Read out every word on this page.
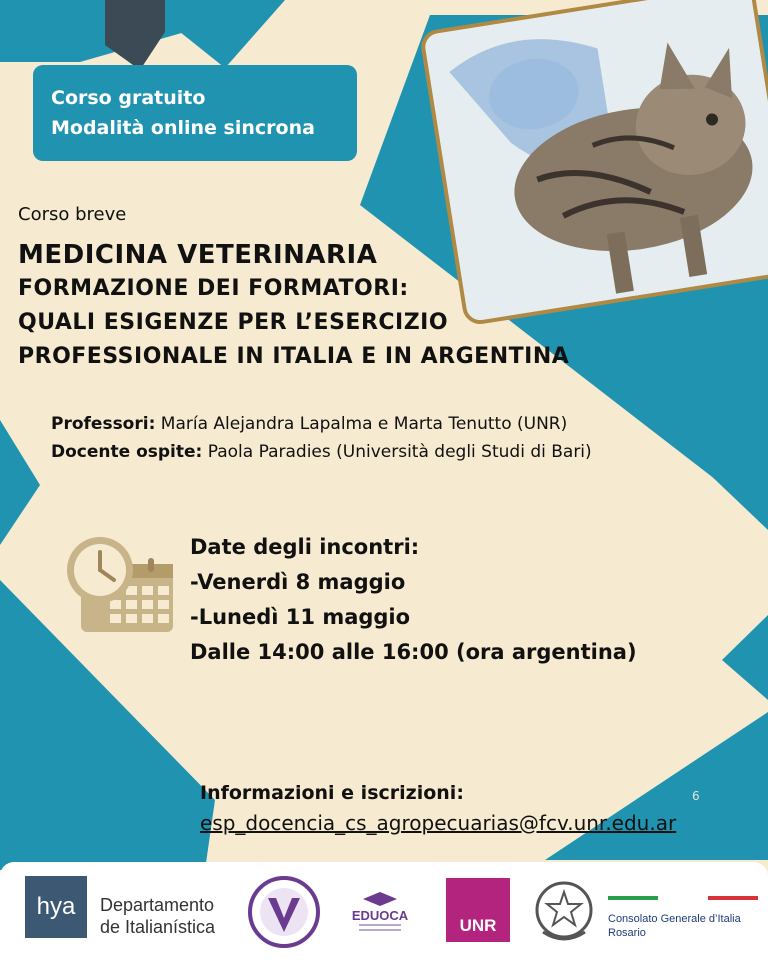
Corso gratuito
Modalità online sincrona
Corso breve
MEDICINA VETERINARIA
FORMAZIONE DEI FORMATORI:
QUALI ESIGENZE PER L’ESERCIZIO
PROFESSIONALE IN ITALIA E IN ARGENTINA
Professori: María Alejandra Lapalma e Marta Tenutto (UNR)
Docente ospite: Paola Paradies (Università degli Studi di Bari)
Date degli incontri:
-Venerdì 8 maggio
-Lunedì 11 maggio
Dalle 14:00 alle 16:00 (ora argentina)
Informazioni e iscrizioni:
esp_docencia_cs_agropecuarias@fcv.unr.edu.ar
6
hya	Departamento
de Italianística
EDUOCA
UNR	Consolato Generale d’Italia
Rosario
